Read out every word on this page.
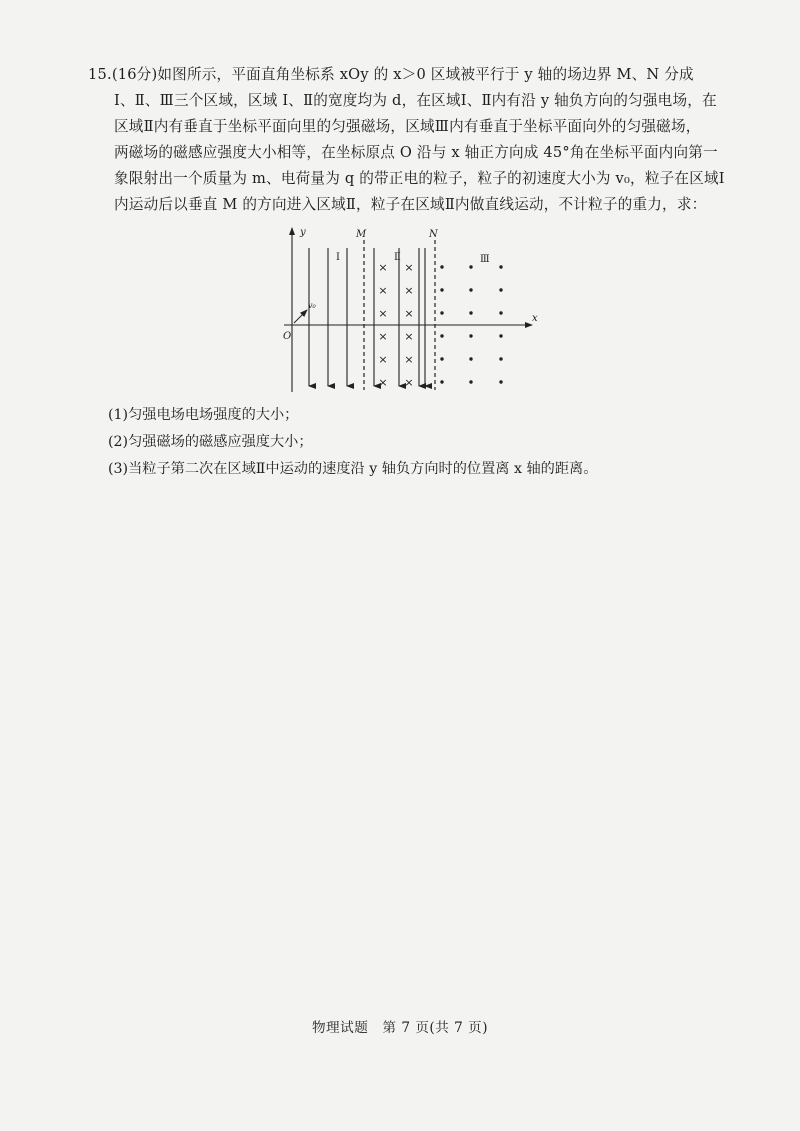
15.(16分)如图所示，平面直角坐标系 xOy 的 x＞0 区域被平行于 y 轴的场边界 M、N 分成
Ⅰ、Ⅱ、Ⅲ三个区域，区域 Ⅰ、Ⅱ的宽度均为 d，在区域Ⅰ、Ⅱ内有沿 y 轴负方向的匀强电场，在
区域Ⅱ内有垂直于坐标平面向里的匀强磁场，区域Ⅲ内有垂直于坐标平面向外的匀强磁场，
两磁场的磁感应强度大小相等，在坐标原点 O 沿与 x 轴正方向成 45°角在坐标平面内向第一
象限射出一个质量为 m、电荷量为 q 的带正电的粒子，粒子的初速度大小为 v₀，粒子在区域Ⅰ
内运动后以垂直 M 的方向进入区域Ⅱ，粒子在区域Ⅱ内做直线运动，不计粒子的重力，求：
y
x
O
M	N
Ⅰ	Ⅱ	Ⅲ
v₀
× ×
× ×
× ×
× ×
× ×
× ×
(1)匀强电场电场强度的大小；
(2)匀强磁场的磁感应强度大小；
(3)当粒子第二次在区域Ⅱ中运动的速度沿 y 轴负方向时的位置离 x 轴的距离。
物理试题　第 7 页(共 7 页)
